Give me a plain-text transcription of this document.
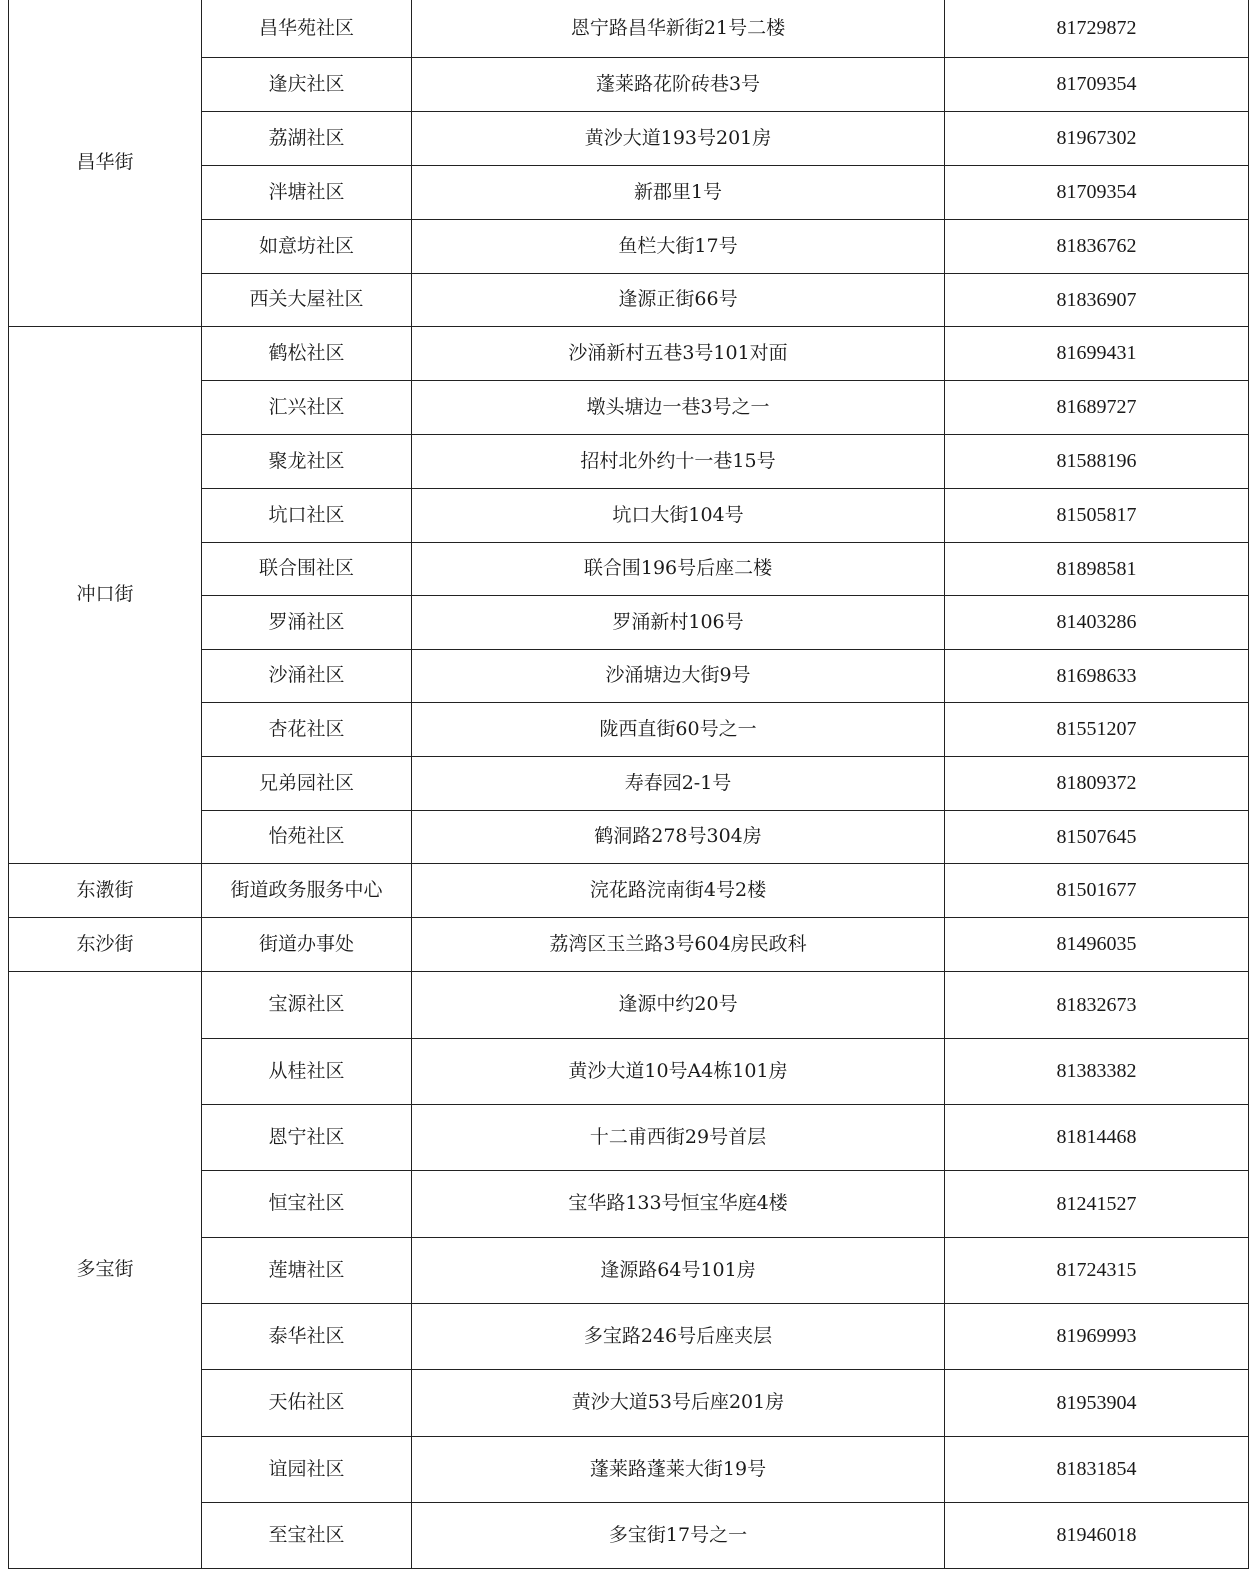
昌华街	昌华苑社区	恩宁路昌华新街21号二楼	81729872
	逢庆社区	蓬莱路花阶砖巷3号	81709354
	荔湖社区	黄沙大道193号201房	81967302
	泮塘社区	新郡里1号	81709354
	如意坊社区	鱼栏大街17号	81836762
	西关大屋社区	逢源正街66号	81836907
冲口街	鹤松社区	沙涌新村五巷3号101对面	81699431
	汇兴社区	墩头塘边一巷3号之一	81689727
	聚龙社区	招村北外约十一巷15号	81588196
	坑口社区	坑口大街104号	81505817
	联合围社区	联合围196号后座二楼	81898581
	罗涌社区	罗涌新村106号	81403286
	沙涌社区	沙涌塘边大街9号	81698633
	杏花社区	陇西直街60号之一	81551207
	兄弟园社区	寿春园2-1号	81809372
	怡苑社区	鹤洞路278号304房	81507645
东漖街	街道政务服务中心	浣花路浣南街4号2楼	81501677
东沙街	街道办事处	荔湾区玉兰路3号604房民政科	81496035
多宝街	宝源社区	逢源中约20号	81832673
	从桂社区	黄沙大道10号A4栋101房	81383382
	恩宁社区	十二甫西街29号首层	81814468
	恒宝社区	宝华路133号恒宝华庭4楼	81241527
	莲塘社区	逢源路64号101房	81724315
	泰华社区	多宝路246号后座夹层	81969993
	天佑社区	黄沙大道53号后座201房	81953904
	谊园社区	蓬莱路蓬莱大街19号	81831854
	至宝社区	多宝街17号之一	81946018
